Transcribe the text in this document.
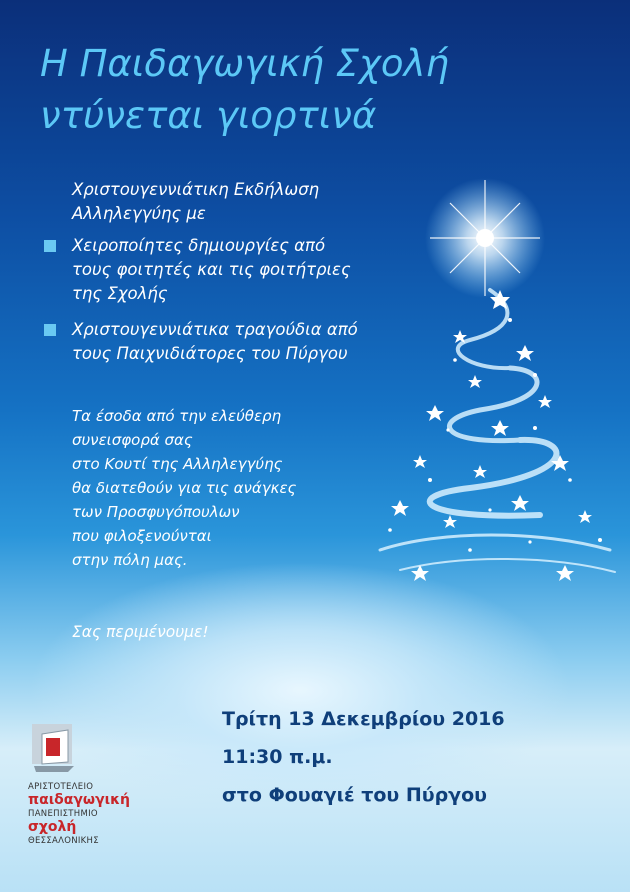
Η Παιδαγωγική Σχολή
ντύνεται γιορτινά
Χριστουγεννιάτικη Εκδήλωση
Αλληλεγγύης με
Χειροποίητες δημιουργίες από
τους φοιτητές και τις φοιτήτριες
της Σχολής
Χριστουγεννιάτικα τραγούδια από
τους Παιχνιδιάτορες του Πύργου
Τα έσοδα από την ελεύθερη
συνεισφορά σας
στο Κουτί της Αλληλεγγύης
θα διατεθούν για τις ανάγκες
των Προσφυγόπουλων
που φιλοξενούνται
στην πόλη μας.
Σας περιμένουμε!
Τρίτη 13 Δεκεμβρίου 2016
11:30 π.μ.
στο Φουαγιέ του Πύργου
ΑΡΙΣΤΟΤΕΛΕΙΟ
παιδαγωγική
ΠΑΝΕΠΙΣΤΗΜΙΟ
σχολή
ΘΕΣΣΑΛΟΝΙΚΗΣ
